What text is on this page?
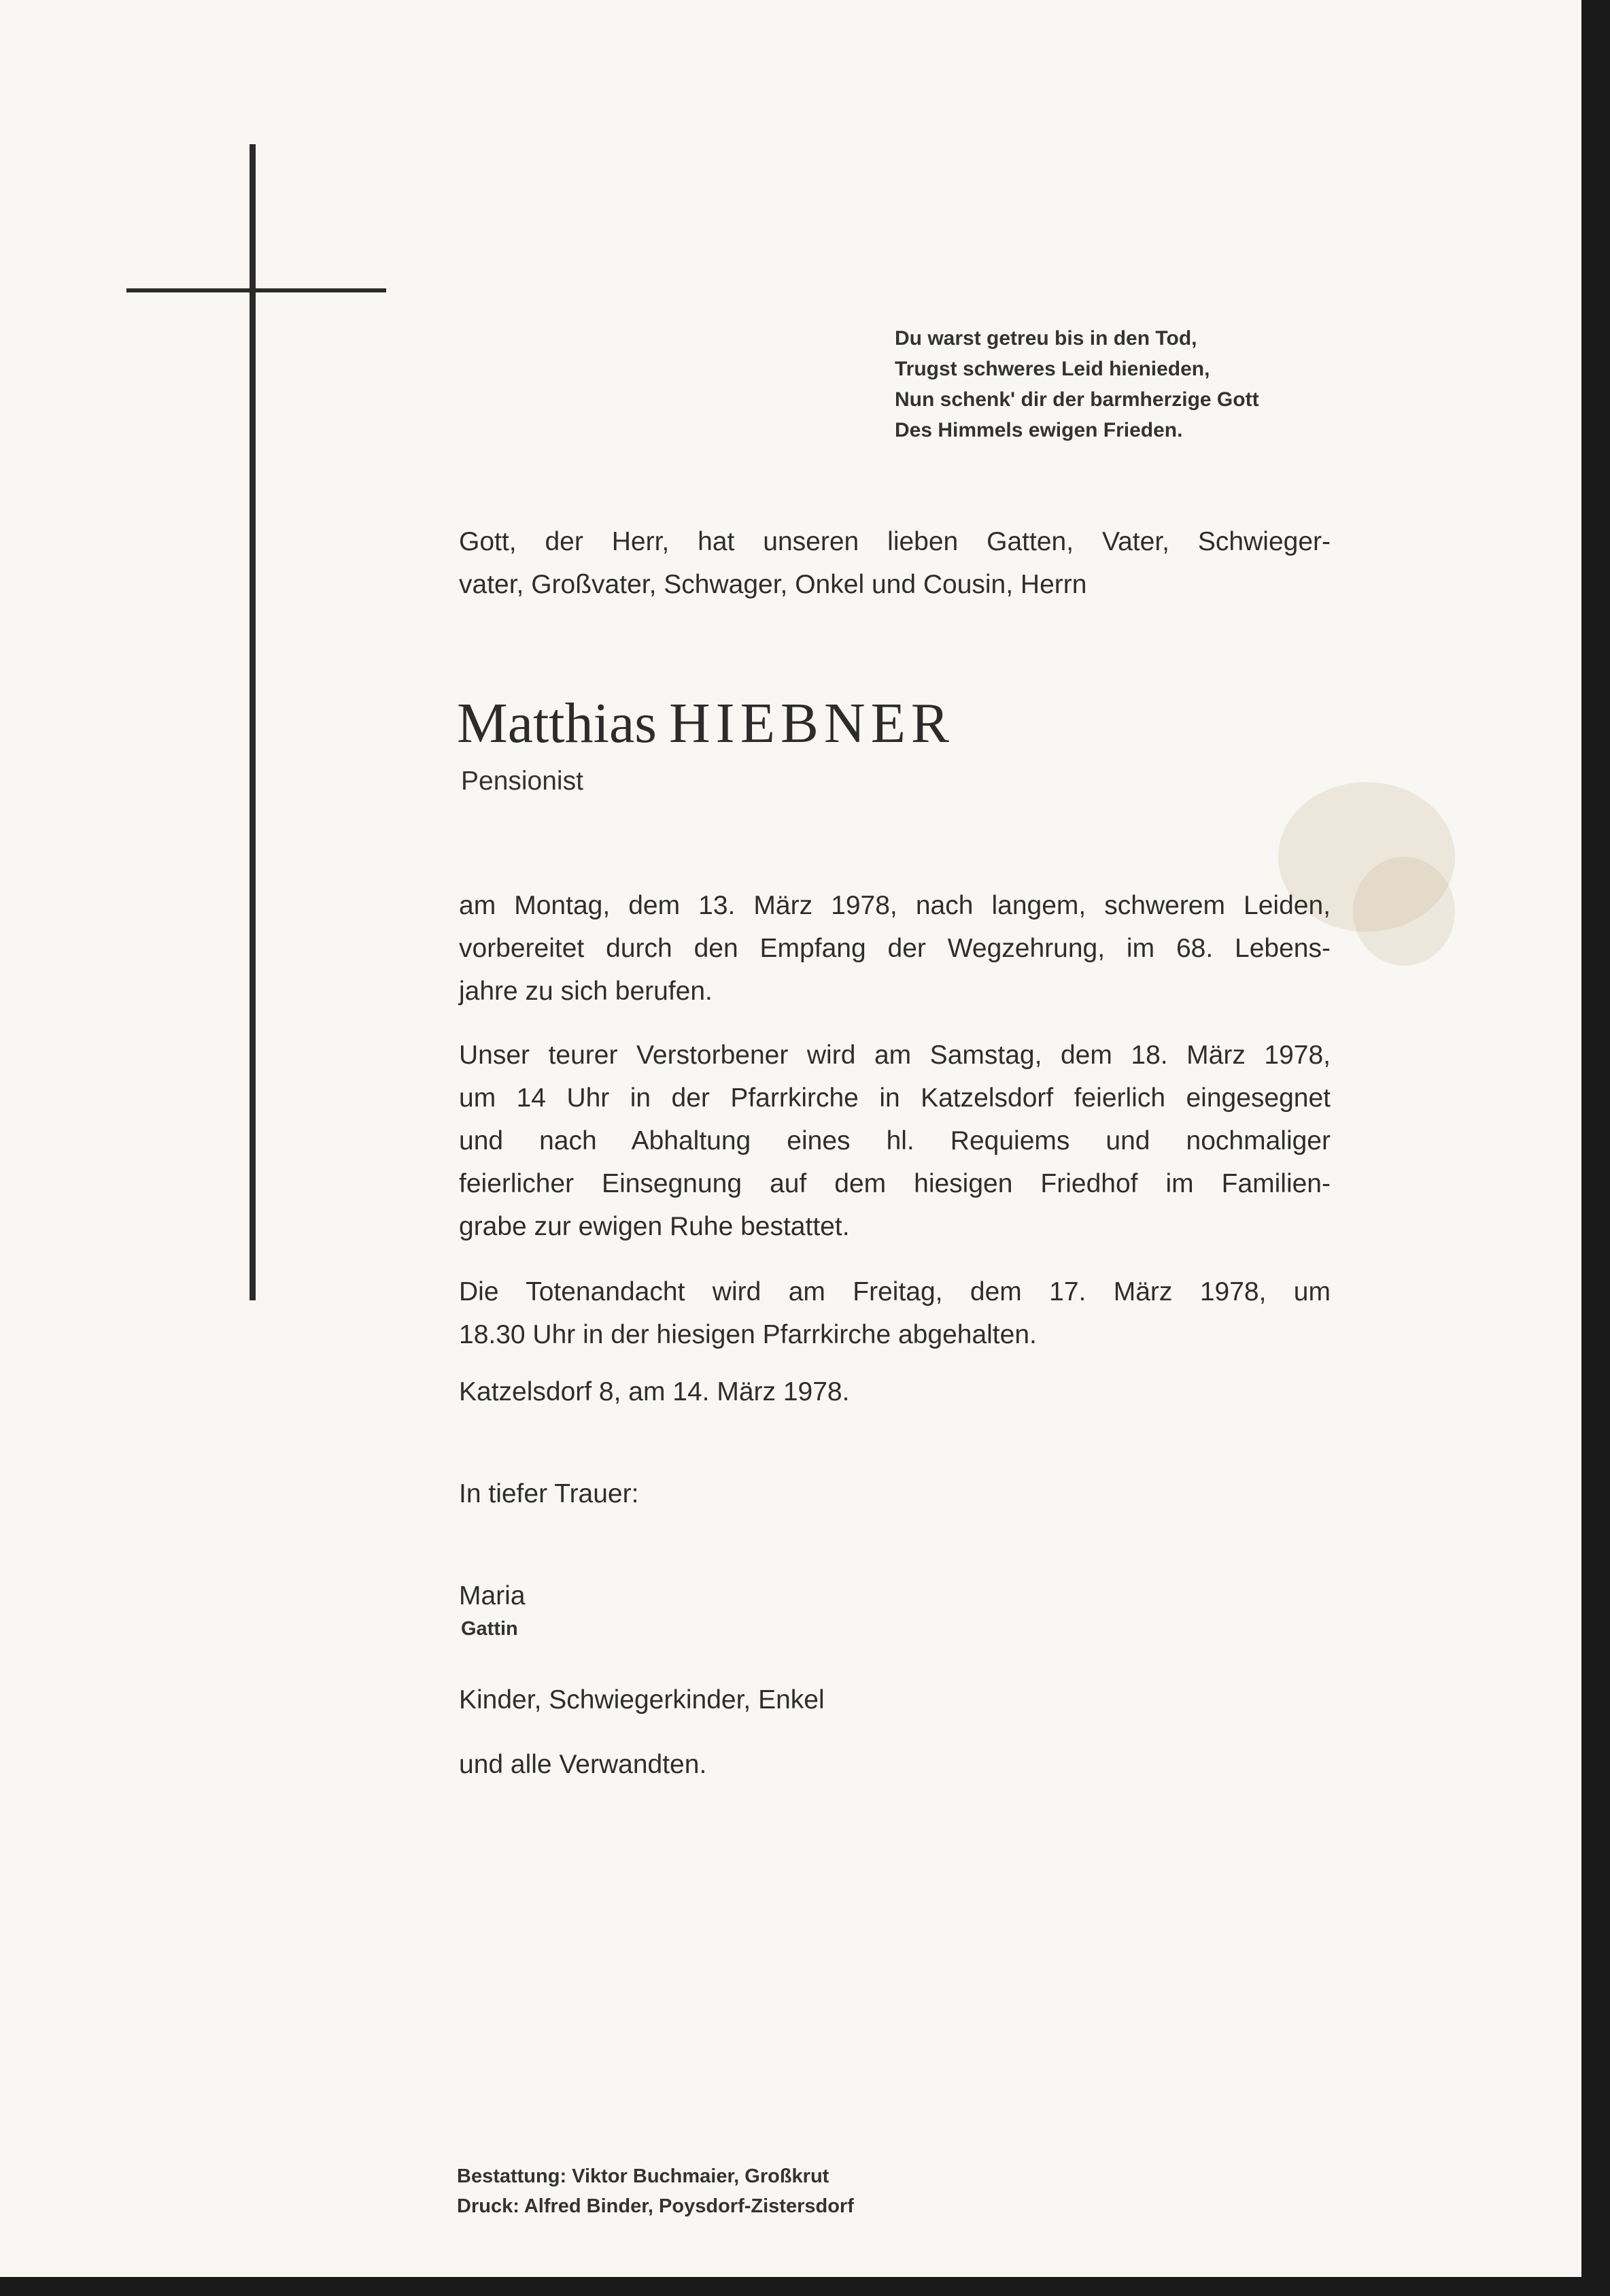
Du warst getreu bis in den Tod,
Trugst schweres Leid hienieden,
Nun schenk' dir der barmherzige Gott
Des Himmels ewigen Frieden.
Gott, der Herr, hat unseren lieben Gatten, Vater, Schwieger-
vater, Großvater, Schwager, Onkel und Cousin, Herrn
Matthias HIEBNER
Pensionist
am Montag, dem 13. März 1978, nach langem, schwerem Leiden,
vorbereitet durch den Empfang der Wegzehrung, im 68. Lebens-
jahre zu sich berufen.
Unser teurer Verstorbener wird am Samstag, dem 18. März 1978,
um 14 Uhr in der Pfarrkirche in Katzelsdorf feierlich eingesegnet
und nach Abhaltung eines hl. Requiems und nochmaliger
feierlicher Einsegnung auf dem hiesigen Friedhof im Familien-
grabe zur ewigen Ruhe bestattet.
Die Totenandacht wird am Freitag, dem 17. März 1978, um
18.30 Uhr in der hiesigen Pfarrkirche abgehalten.
Katzelsdorf 8, am 14. März 1978.
In tiefer Trauer:
Maria
Gattin
Kinder, Schwiegerkinder, Enkel
und alle Verwandten.
Bestattung: Viktor Buchmaier, Großkrut
Druck: Alfred Binder, Poysdorf-Zistersdorf
